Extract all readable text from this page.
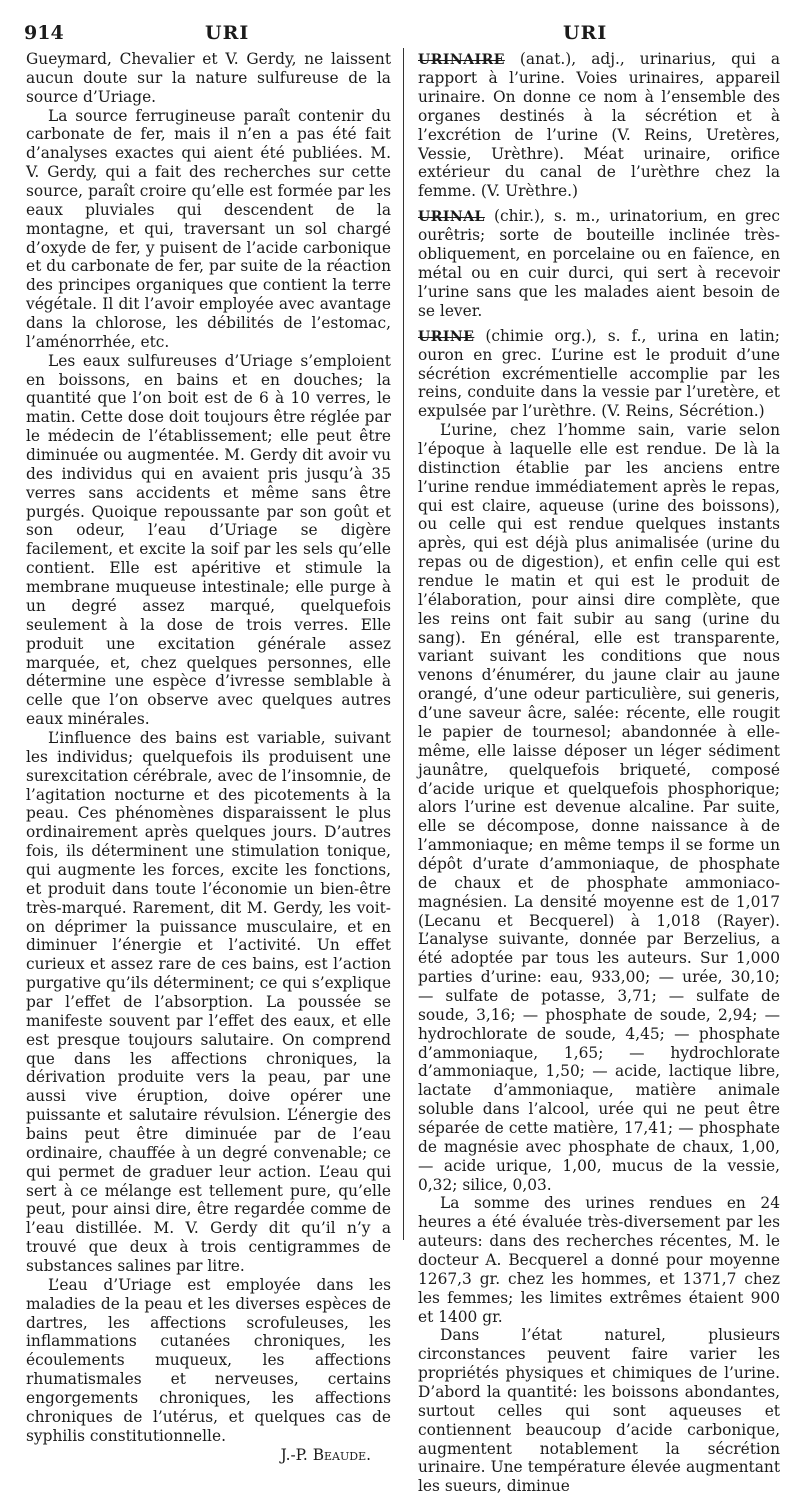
914	URI	URI

Gueymard, Chevalier et V. Gerdy, ne laissent aucun doute sur la nature sulfureuse de la source d’Uriage.

La source ferrugineuse paraît contenir du carbonate de fer, mais il n’en a pas été fait d’analyses exactes qui aient été publiées. M. V. Gerdy, qui a fait des recherches sur cette source, paraît croire qu’elle est formée par les eaux pluviales qui descendent de la montagne, et qui, traversant un sol chargé d’oxyde de fer, y puisent de l’acide carbonique et du carbonate de fer, par suite de la réaction des principes organiques que contient la terre végétale. Il dit l’avoir employée avec avantage dans la chlorose, les débilités de l’estomac, l’aménorrhée, etc.

Les eaux sulfureuses d’Uriage s’emploient en boissons, en bains et en douches; la quantité que l’on boit est de 6 à 10 verres, le matin. Cette dose doit toujours être réglée par le médecin de l’établissement; elle peut être diminuée ou augmentée. M. Gerdy dit avoir vu des individus qui en avaient pris jusqu’à 35 verres sans accidents et même sans être purgés. Quoique repoussante par son goût et son odeur, l’eau d’Uriage se digère facilement, et excite la soif par les sels qu’elle contient. Elle est apéritive et stimule la membrane muqueuse intestinale; elle purge à un degré assez marqué, quelquefois seulement à la dose de trois verres. Elle produit une excitation générale assez marquée, et, chez quelques personnes, elle détermine une espèce d’ivresse semblable à celle que l’on observe avec quelques autres eaux minérales.

L’influence des bains est variable, suivant les individus; quelquefois ils produisent une surexcitation cérébrale, avec de l’insomnie, de l’agitation nocturne et des picotements à la peau. Ces phénomènes disparaissent le plus ordinairement après quelques jours. D’autres fois, ils déterminent une stimulation tonique, qui augmente les forces, excite les fonctions, et produit dans toute l’économie un bien-être très-marqué. Rarement, dit M. Gerdy, les voit-on déprimer la puissance musculaire, et en diminuer l’énergie et l’activité. Un effet curieux et assez rare de ces bains, est l’action purgative qu’ils déterminent; ce qui s’explique par l’effet de l’absorption. La poussée se manifeste souvent par l’effet des eaux, et elle est presque toujours salutaire. On comprend que dans les affections chroniques, la dérivation produite vers la peau, par une aussi vive éruption, doive opérer une puissante et salutaire révulsion. L’énergie des bains peut être diminuée par de l’eau ordinaire, chauffée à un degré convenable; ce qui permet de graduer leur action. L’eau qui sert à ce mélange est tellement pure, qu’elle peut, pour ainsi dire, être regardée comme de l’eau distillée. M. V. Gerdy dit qu’il n’y a trouvé que deux à trois centigrammes de substances salines par litre.

L’eau d’Uriage est employée dans les maladies de la peau et les diverses espèces de dartres, les affections scrofuleuses, les inflammations cutanées chroniques, les écoulements muqueux, les affections rhumatismales et nerveuses, certains engorgements chroniques, les affections chroniques de l’utérus, et quelques cas de syphilis constitutionnelle.

J.-P. Beaude.

URINAIRE (anat.), adj., urinarius, qui a rapport à l’urine. Voies urinaires, appareil urinaire. On donne ce nom à l’ensemble des organes destinés à la sécrétion et à l’excrétion de l’urine (V. Reins, Uretères, Vessie, Urèthre). Méat urinaire, orifice extérieur du canal de l’urèthre chez la femme. (V. Urèthre.)

URINAL (chir.), s. m., urinatorium, en grec ourêtris; sorte de bouteille inclinée très-obliquement, en porcelaine ou en faïence, en métal ou en cuir durci, qui sert à recevoir l’urine sans que les malades aient besoin de se lever.

URINE (chimie org.), s. f., urina en latin; ouron en grec. L’urine est le produit d’une sécrétion excrémentielle accomplie par les reins, conduite dans la vessie par l’uretère, et expulsée par l’urèthre. (V. Reins, Sécrétion.)

L’urine, chez l’homme sain, varie selon l’époque à laquelle elle est rendue. De là la distinction établie par les anciens entre l’urine rendue immédiatement après le repas, qui est claire, aqueuse (urine des boissons), ou celle qui est rendue quelques instants après, qui est déjà plus animalisée (urine du repas ou de digestion), et enfin celle qui est rendue le matin et qui est le produit de l’élaboration, pour ainsi dire complète, que les reins ont fait subir au sang (urine du sang). En général, elle est transparente, variant suivant les conditions que nous venons d’énumérer, du jaune clair au jaune orangé, d’une odeur particulière, sui generis, d’une saveur âcre, salée: récente, elle rougit le papier de tournesol; abandonnée à elle-même, elle laisse déposer un léger sédiment jaunâtre, quelquefois briqueté, composé d’acide urique et quelquefois phosphorique; alors l’urine est devenue alcaline. Par suite, elle se décompose, donne naissance à de l’ammoniaque; en même temps il se forme un dépôt d’urate d’ammoniaque, de phosphate de chaux et de phosphate ammoniaco-magnésien. La densité moyenne est de 1,017 (Lecanu et Becquerel) à 1,018 (Rayer). L’analyse suivante, donnée par Berzelius, a été adoptée par tous les auteurs. Sur 1,000 parties d’urine: eau, 933,00; — urée, 30,10; — sulfate de potasse, 3,71; — sulfate de soude, 3,16; — phosphate de soude, 2,94; — hydrochlorate de soude, 4,45; — phosphate d’ammoniaque, 1,65; — hydrochlorate d’ammoniaque, 1,50; — acide, lactique libre, lactate d’ammoniaque, matière animale soluble dans l’alcool, urée qui ne peut être séparée de cette matière, 17,41; — phosphate de magnésie avec phosphate de chaux, 1,00, — acide urique, 1,00, mucus de la vessie, 0,32; silice, 0,03.

La somme des urines rendues en 24 heures a été évaluée très-diversement par les auteurs: dans des recherches récentes, M. le docteur A. Becquerel a donné pour moyenne 1267,3 gr. chez les hommes, et 1371,7 chez les femmes; les limites extrêmes étaient 900 et 1400 gr.

Dans l’état naturel, plusieurs circonstances peuvent faire varier les propriétés physiques et chimiques de l’urine. D’abord la quantité: les boissons abondantes, surtout celles qui sont aqueuses et contiennent beaucoup d’acide carbonique, augmentent notablement la sécrétion urinaire. Une température élevée augmentant les sueurs, diminue
